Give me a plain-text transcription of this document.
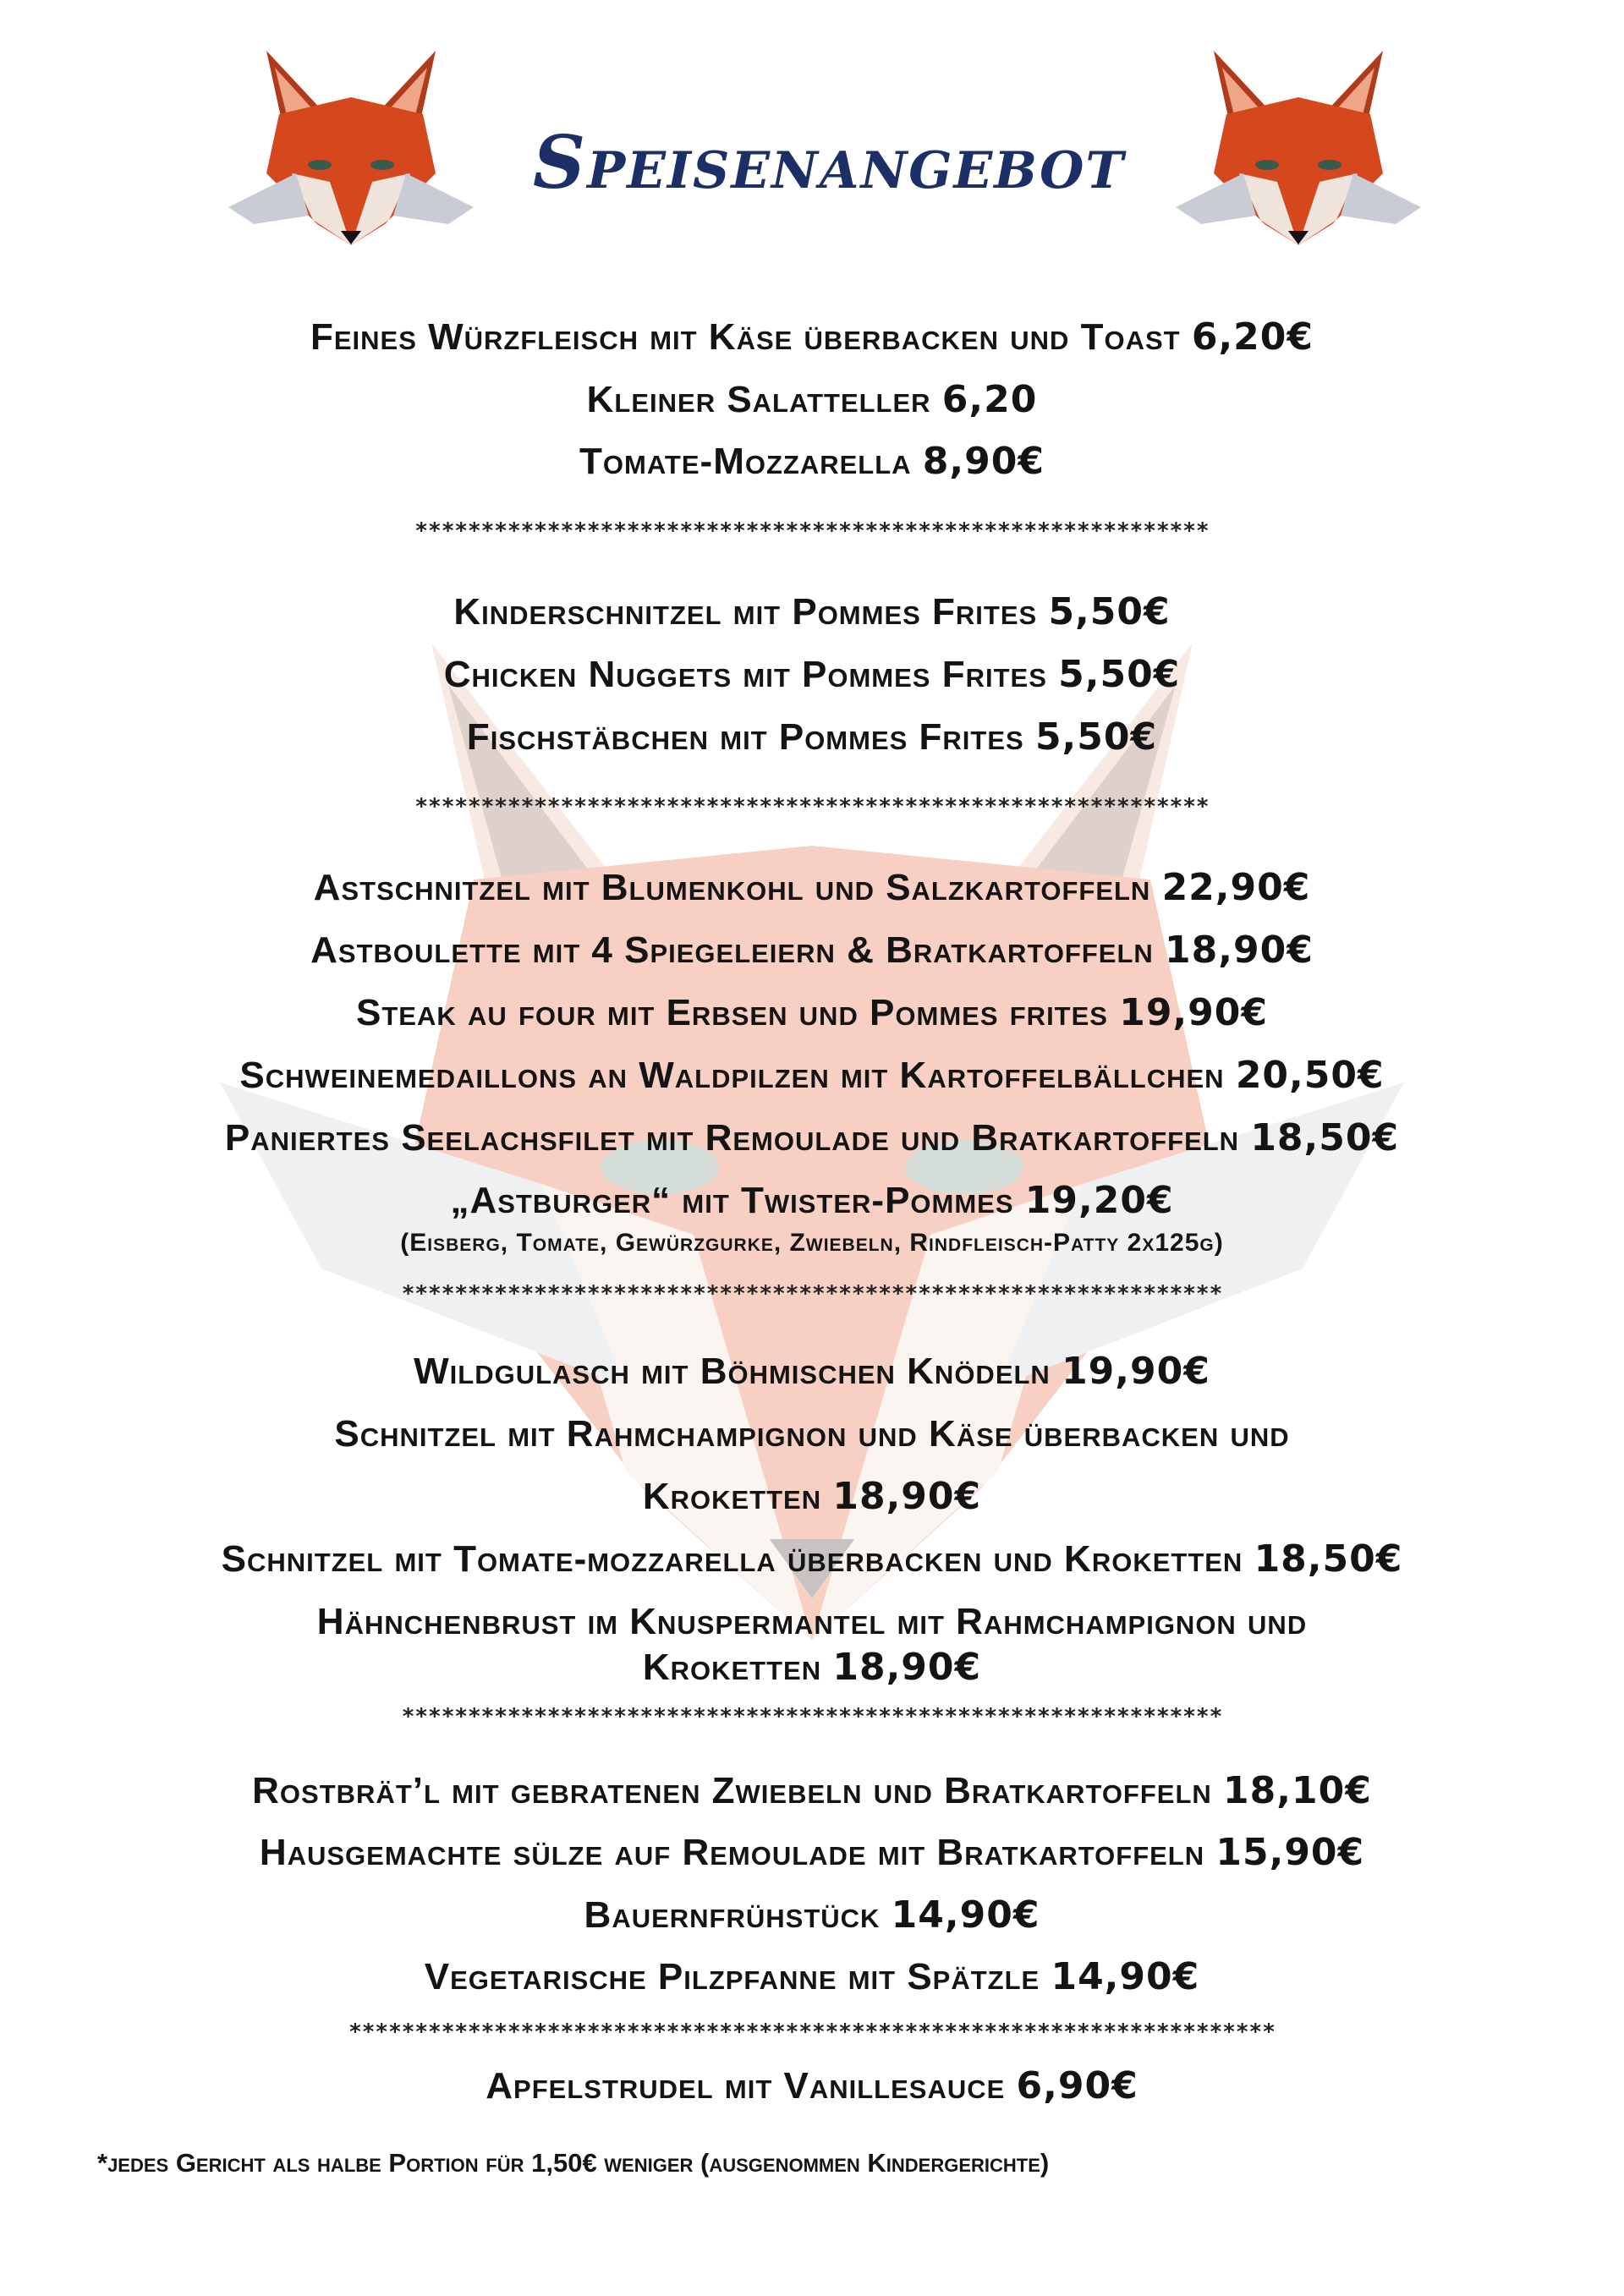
Speisenangebot
Feines Würzfleisch mit Käse überbacken und Toast 6,20€
Kleiner Salatteller 6,20
Tomate-Mozzarella 8,90€
************************************************************
Kinderschnitzel mit Pommes Frites 5,50€
Chicken Nuggets mit Pommes Frites 5,50€
Fischstäbchen mit Pommes Frites 5,50€
************************************************************
Astschnitzel mit Blumenkohl und Salzkartoffeln 22,90€
Astboulette mit 4 Spiegeleiern & Bratkartoffeln 18,90€
Steak au four mit Erbsen und Pommes frites 19,90€
Schweinemedaillons an Waldpilzen mit Kartoffelbällchen 20,50€
Paniertes Seelachsfilet mit Remoulade und Bratkartoffeln 18,50€
„Astburger“ mit Twister-Pommes 19,20€
(Eisberg, Tomate, Gewürzgurke, Zwiebeln, Rindfleisch-Patty 2x125g)
**************************************************************
Wildgulasch mit Böhmischen Knödeln 19,90€
Schnitzel mit Rahmchampignon und Käse überbacken und
Kroketten 18,90€
Schnitzel mit Tomate-mozzarella überbacken und Kroketten 18,50€
Hähnchenbrust im Knuspermantel mit Rahmchampignon und
Kroketten 18,90€
**************************************************************
Rostbrät’l mit gebratenen Zwiebeln und Bratkartoffeln 18,10€
Hausgemachte sülze auf Remoulade mit Bratkartoffeln 15,90€
Bauernfrühstück 14,90€
Vegetarische Pilzpfanne mit Spätzle 14,90€
**********************************************************************
Apfelstrudel mit Vanillesauce 6,90€
*jedes Gericht als halbe Portion für 1,50€ weniger (ausgenommen Kindergerichte)
